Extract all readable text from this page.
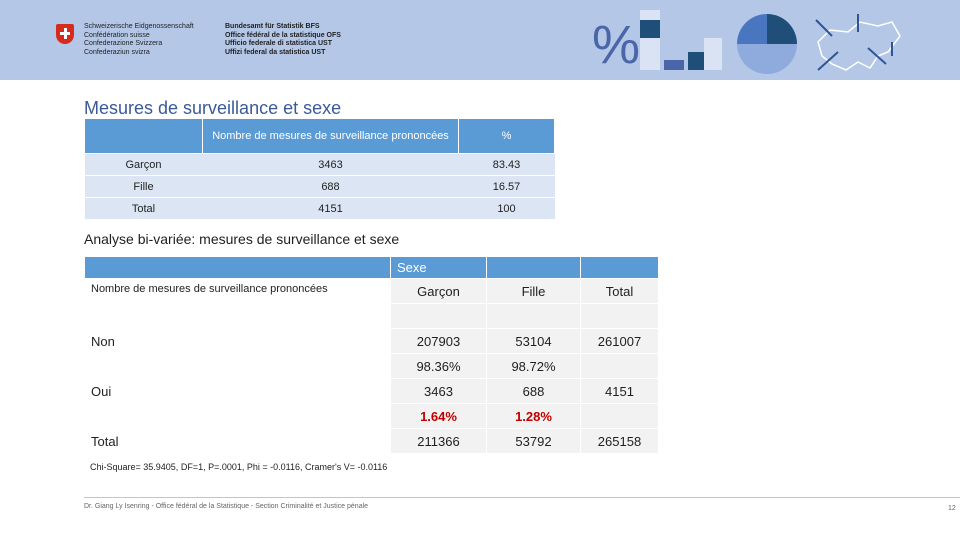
Schweizerische Eidgenossenschaft
Confédération suisse
Confederazione Svizzera
Confederaziun svizra
Bundesamt für Statistik BFS
Office fédéral de la statistique OFS
Ufficio federale di statistica UST
Uffizi federal da statistica UST	%
Mesures de surveillance et sexe
	Nombre de mesures de surveillance prononcées	%
Garçon	3463	83.43
Fille	688	16.57
Total	4151	100
Analyse bi-variée: mesures de surveillance et sexe
	Sexe		
Nombre de mesures de surveillance prononcées	Garçon	Fille	Total

Non	207903	53104	261007
	98.36%	98.72%	
Oui	3463	688	4151
	1.64%	1.28%	
Total	211366	53792	265158
Chi-Square= 35.9405, DF=1, P=.0001, Phi = -0.0116, Cramer's V= -0.0116
Dr. Giang Ly Isenring - Office fédéral de la Statistique - Section Criminalité et Justice pénale	12
